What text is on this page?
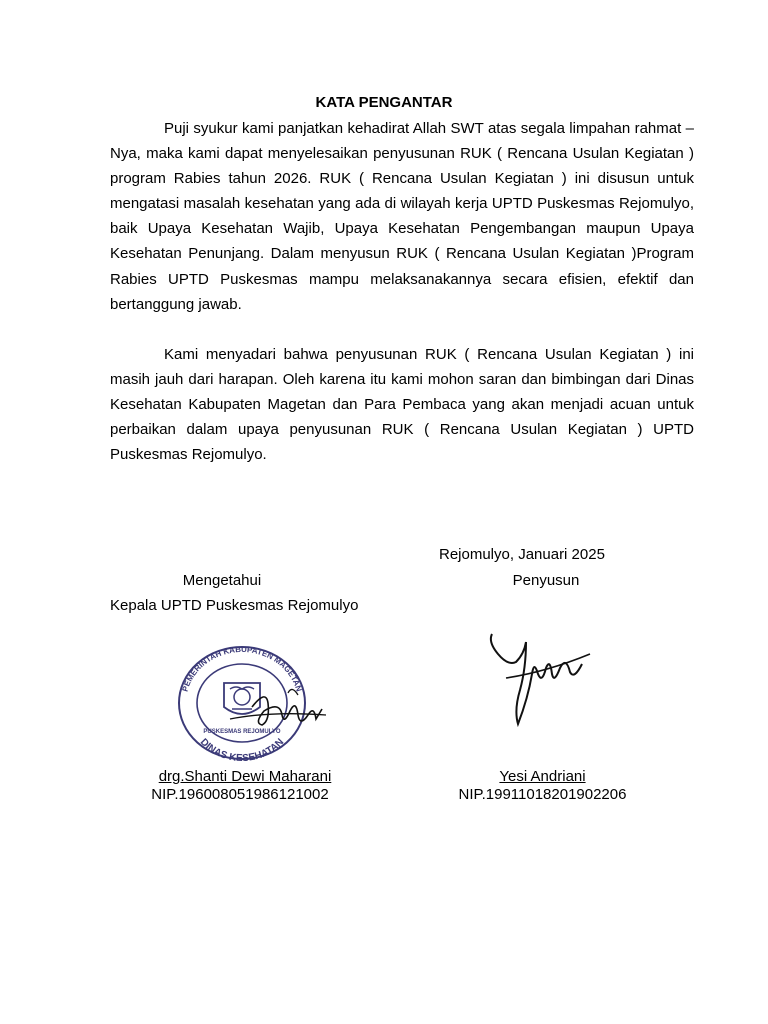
KATA PENGANTAR

Puji syukur kami panjatkan kehadirat Allah SWT atas segala limpahan rahmat – Nya, maka kami dapat menyelesaikan penyusunan RUK ( Rencana Usulan Kegiatan ) program Rabies tahun 2026. RUK ( Rencana Usulan Kegiatan ) ini disusun untuk mengatasi masalah kesehatan yang ada di wilayah kerja UPTD Puskesmas Rejomulyo, baik Upaya Kesehatan Wajib, Upaya Kesehatan Pengembangan maupun Upaya Kesehatan Penunjang. Dalam menyusun RUK ( Rencana Usulan Kegiatan )Program Rabies UPTD Puskesmas mampu melaksanakannya secara efisien, efektif dan bertanggung jawab.

Kami menyadari bahwa penyusunan RUK ( Rencana Usulan Kegiatan ) ini masih jauh dari harapan. Oleh karena itu kami mohon saran dan bimbingan dari Dinas Kesehatan Kabupaten Magetan dan Para Pembaca yang akan menjadi acuan untuk perbaikan dalam upaya penyusunan RUK ( Rencana Usulan Kegiatan ) UPTD Puskesmas Rejomulyo.

Rejomulyo, Januari 2025
Mengetahui
Kepala UPTD Puskesmas Rejomulyo
Penyusun
PEMERINTAH KABUPATEN MAGETAN
DINAS KESEHATAN
PUSKESMAS REJOMULYO
drg.Shanti Dewi Maharani
NIP.196008051986121002
Yesi Andriani
NIP.19911018201902206
